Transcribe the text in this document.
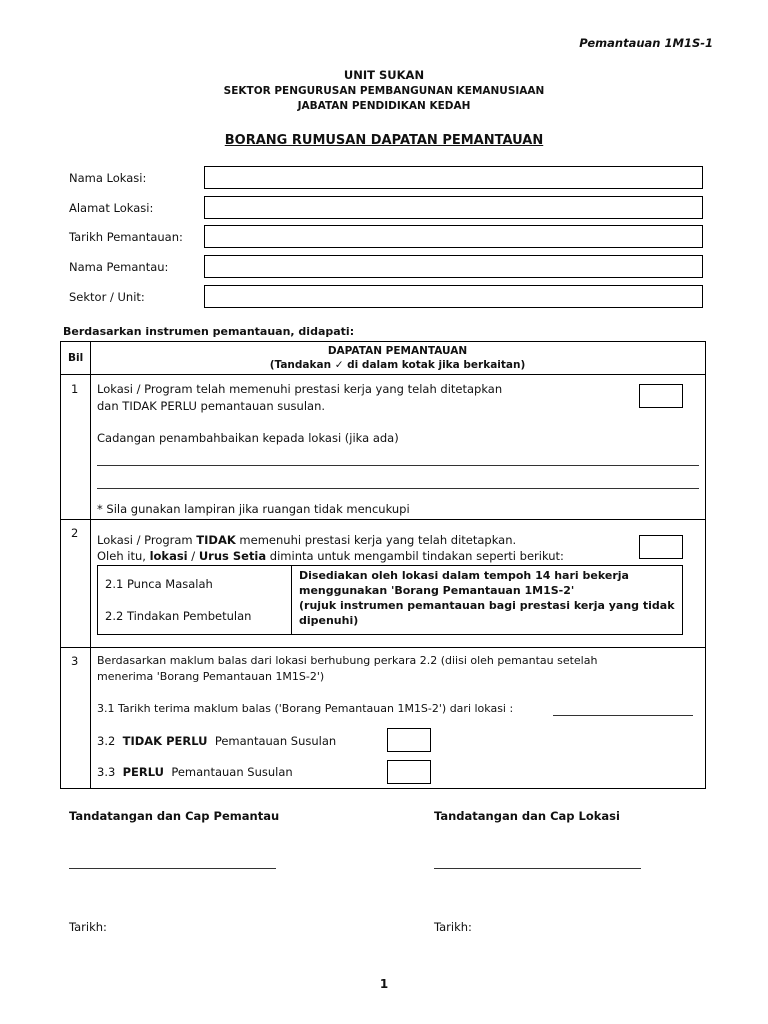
Pemantauan 1M1S-1
UNIT SUKAN
SEKTOR PENGURUSAN PEMBANGUNAN KEMANUSIAAN
JABATAN PENDIDIKAN KEDAH
BORANG RUMUSAN DAPATAN PEMANTAUAN
Nama Lokasi:
Alamat Lokasi:
Tarikh Pemantauan:
Nama Pemantau:
Sektor / Unit:
Berdasarkan instrumen pemantauan, didapati:
Bil
DAPATAN PEMANTAUAN
(Tandakan ✓ di dalam kotak jika berkaitan)
1 Lokasi / Program telah memenuhi prestasi kerja yang telah ditetapkan
dan TIDAK PERLU pemantauan susulan.
Cadangan penambahbaikan kepada lokasi (jika ada)
* Sila gunakan lampiran jika ruangan tidak mencukupi
2 Lokasi / Program TIDAK memenuhi prestasi kerja yang telah ditetapkan.
Oleh itu, lokasi / Urus Setia diminta untuk mengambil tindakan seperti berikut:
2.1 Punca Masalah
2.2 Tindakan Pembetulan
Disediakan oleh lokasi dalam tempoh 14 hari bekerja
menggunakan 'Borang Pemantauan 1M1S-2'
(rujuk instrumen pemantauan bagi prestasi kerja yang tidak
dipenuhi)
3 Berdasarkan maklum balas dari lokasi berhubung perkara 2.2 (diisi oleh pemantau setelah
menerima 'Borang Pemantauan 1M1S-2')
3.1 Tarikh terima maklum balas ('Borang Pemantauan 1M1S-2') dari lokasi :
3.2 TIDAK PERLU Pemantauan Susulan
3.3 PERLU Pemantauan Susulan
Tandatangan dan Cap Pemantau	Tandatangan dan Cap Lokasi
Tarikh:	Tarikh:
1
